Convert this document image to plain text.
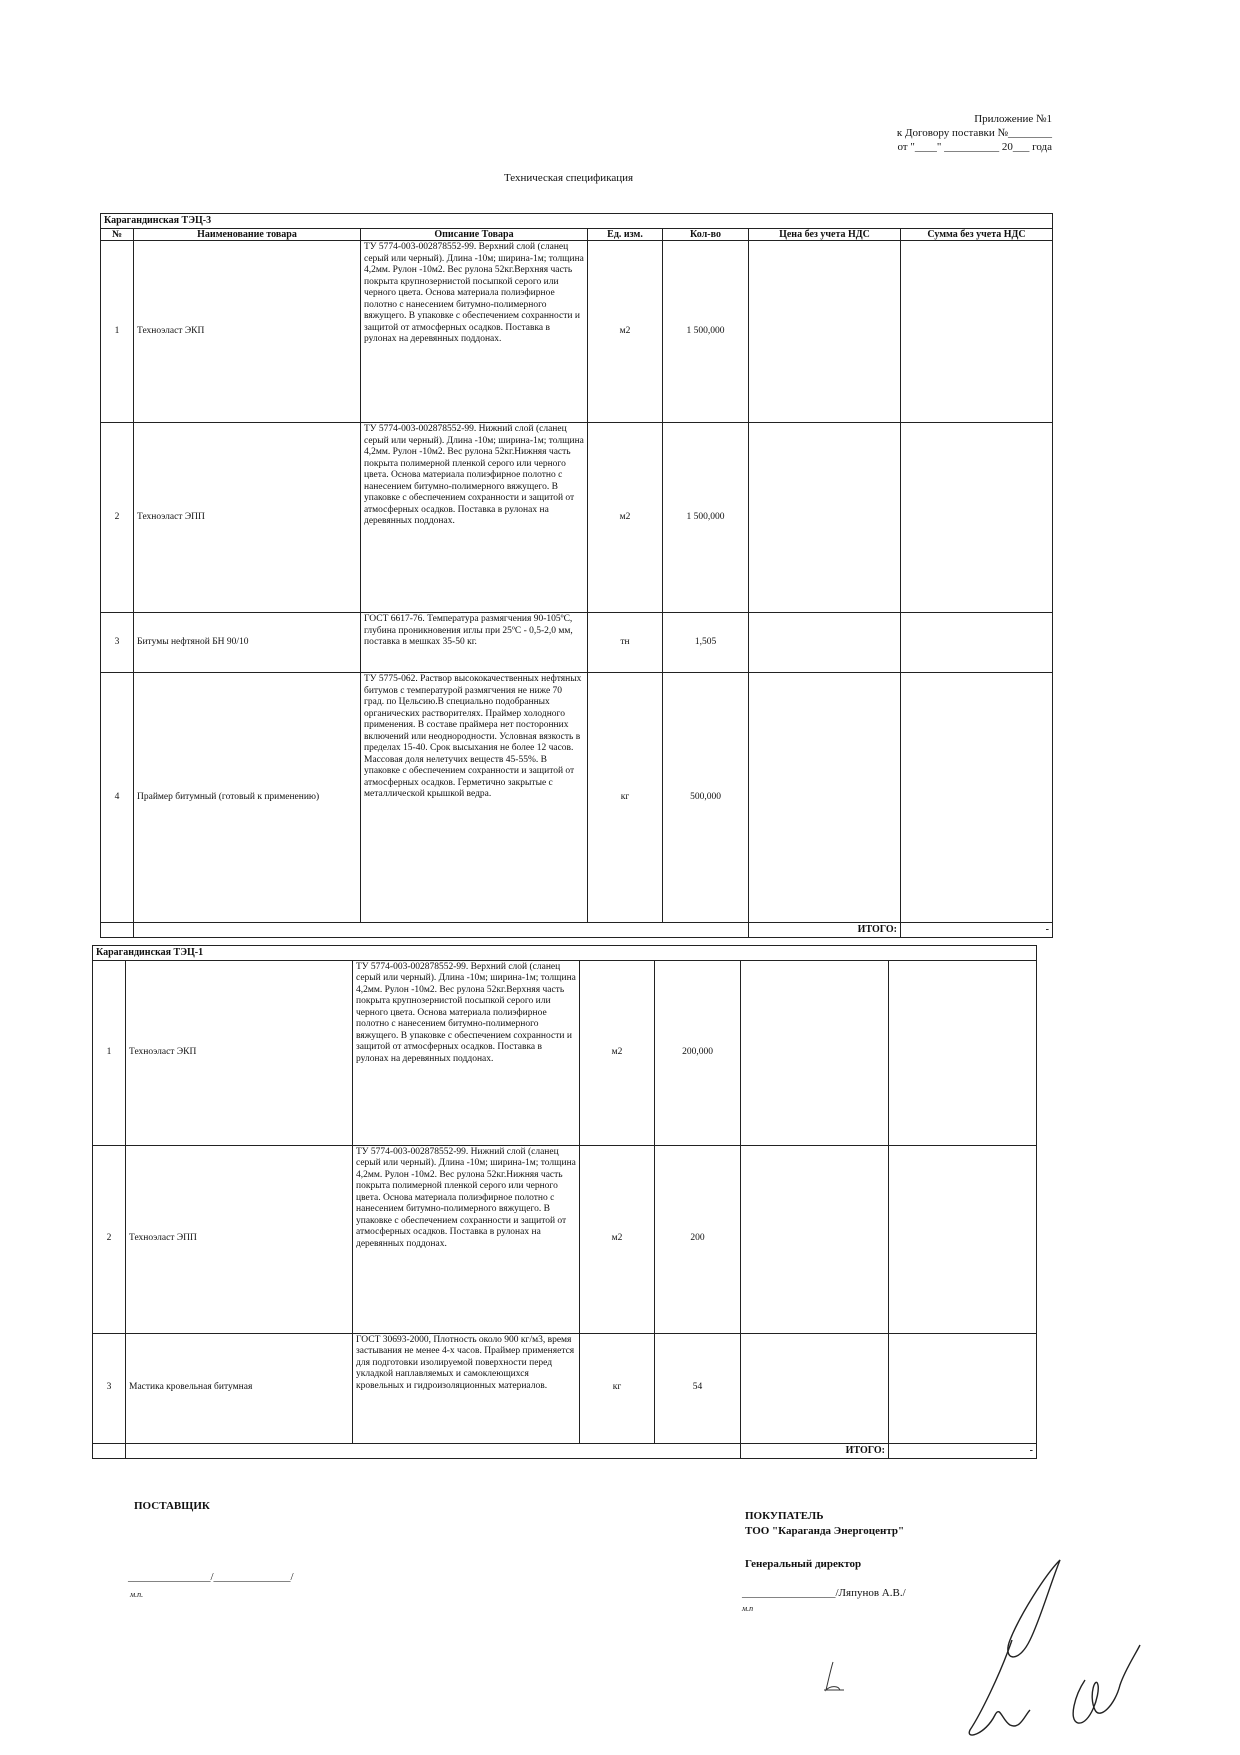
Приложение №1
к Договору поставки №________
от "____" __________ 20___ года
Техническая спецификация
Карагандинская ТЭЦ-3						
№	Наименование товара	Описание Товара	Ед. изм.	Кол-во	Цена без учета НДС	Сумма без учета НДС
1	Техноэласт ЭКП	ТУ 5774-003-002878552-99. Верхний слой (сланец серый или черный). Длина -10м; ширина-1м; толщина 4,2мм. Рулон -10м2. Вес рулона 52кг.Верхняя часть покрыта крупнозернистой посыпкой серого или черного цвета. Основа материала полиэфирное полотно с нанесением битумно-полимерного вяжущего. В упаковке с обеспечением сохранности и защитой от атмосферных осадков. Поставка в рулонах на деревянных поддонах.	м2	1 500,000		
2	Техноэласт ЭПП	ТУ 5774-003-002878552-99. Нижний слой (сланец серый или черный). Длина -10м; ширина-1м; толщина 4,2мм. Рулон -10м2. Вес рулона 52кг.Нижняя часть покрыта полимерной пленкой серого или черного цвета. Основа материала полиэфирное полотно с нанесением битумно-полимерного вяжущего. В упаковке с обеспечением сохранности и защитой от атмосферных осадков. Поставка в рулонах на деревянных поддонах.	м2	1 500,000		
3	Битумы нефтяной БН 90/10	ГОСТ 6617-76. Температура размягчения 90-105ºС, глубина проникновения иглы при 25ºС - 0,5-2,0 мм, поставка в мешках 35-50 кг.	тн	1,505		
4	Праймер битумный (готовый к применению)	ТУ 5775-062. Раствор высококачественных нефтяных битумов с температурой размягчения не ниже 70 град. по Цельсию.В специально подобранных органических растворителях. Праймер холодного применения. В составе праймера нет посторонних включений или неоднородности. Условная вязкость в пределах 15-40. Срок высыхания не более 12 часов. Массовая доля нелетучих веществ 45-55%. В упаковке с обеспечением сохранности и защитой от атмосферных осадков. Герметично закрытые с металлической крышкой ведра.	кг	500,000		
					ИТОГО:	-
Карагандинская ТЭЦ-1						
1	Техноэласт ЭКП	ТУ 5774-003-002878552-99. Верхний слой (сланец серый или черный). Длина -10м; ширина-1м; толщина 4,2мм. Рулон -10м2. Вес рулона 52кг.Верхняя часть покрыта крупнозернистой посыпкой серого или черного цвета. Основа материала полиэфирное полотно с нанесением битумно-полимерного вяжущего. В упаковке с обеспечением сохранности и защитой от атмосферных осадков. Поставка в рулонах на деревянных поддонах.	м2	200,000		
2	Техноэласт ЭПП	ТУ 5774-003-002878552-99. Нижний слой (сланец серый или черный). Длина -10м; ширина-1м; толщина 4,2мм. Рулон -10м2. Вес рулона 52кг.Нижняя часть покрыта полимерной пленкой серого или черного цвета. Основа материала полиэфирное полотно с нанесением битумно-полимерного вяжущего. В упаковке с обеспечением сохранности и защитой от атмосферных осадков. Поставка в рулонах на деревянных поддонах.	м2	200		
3	Мастика кровельная битумная	ГОСТ 30693-2000, Плотность около 900 кг/м3, время застывания не менее 4-х часов. Праймер применяется для подготовки изолируемой поверхности перед укладкой наплавляемых и самоклеющихся кровельных и гидроизоляционных материалов.	кг	54		
					ИТОГО:	-
ПОСТАВЩИК
_______________/______________/
м.п.
ПОКУПАТЕЛЬ
ТОО "Караганда Энергоцентр"
Генеральный директор
_________________/Ляпунов А.В./
м.п
